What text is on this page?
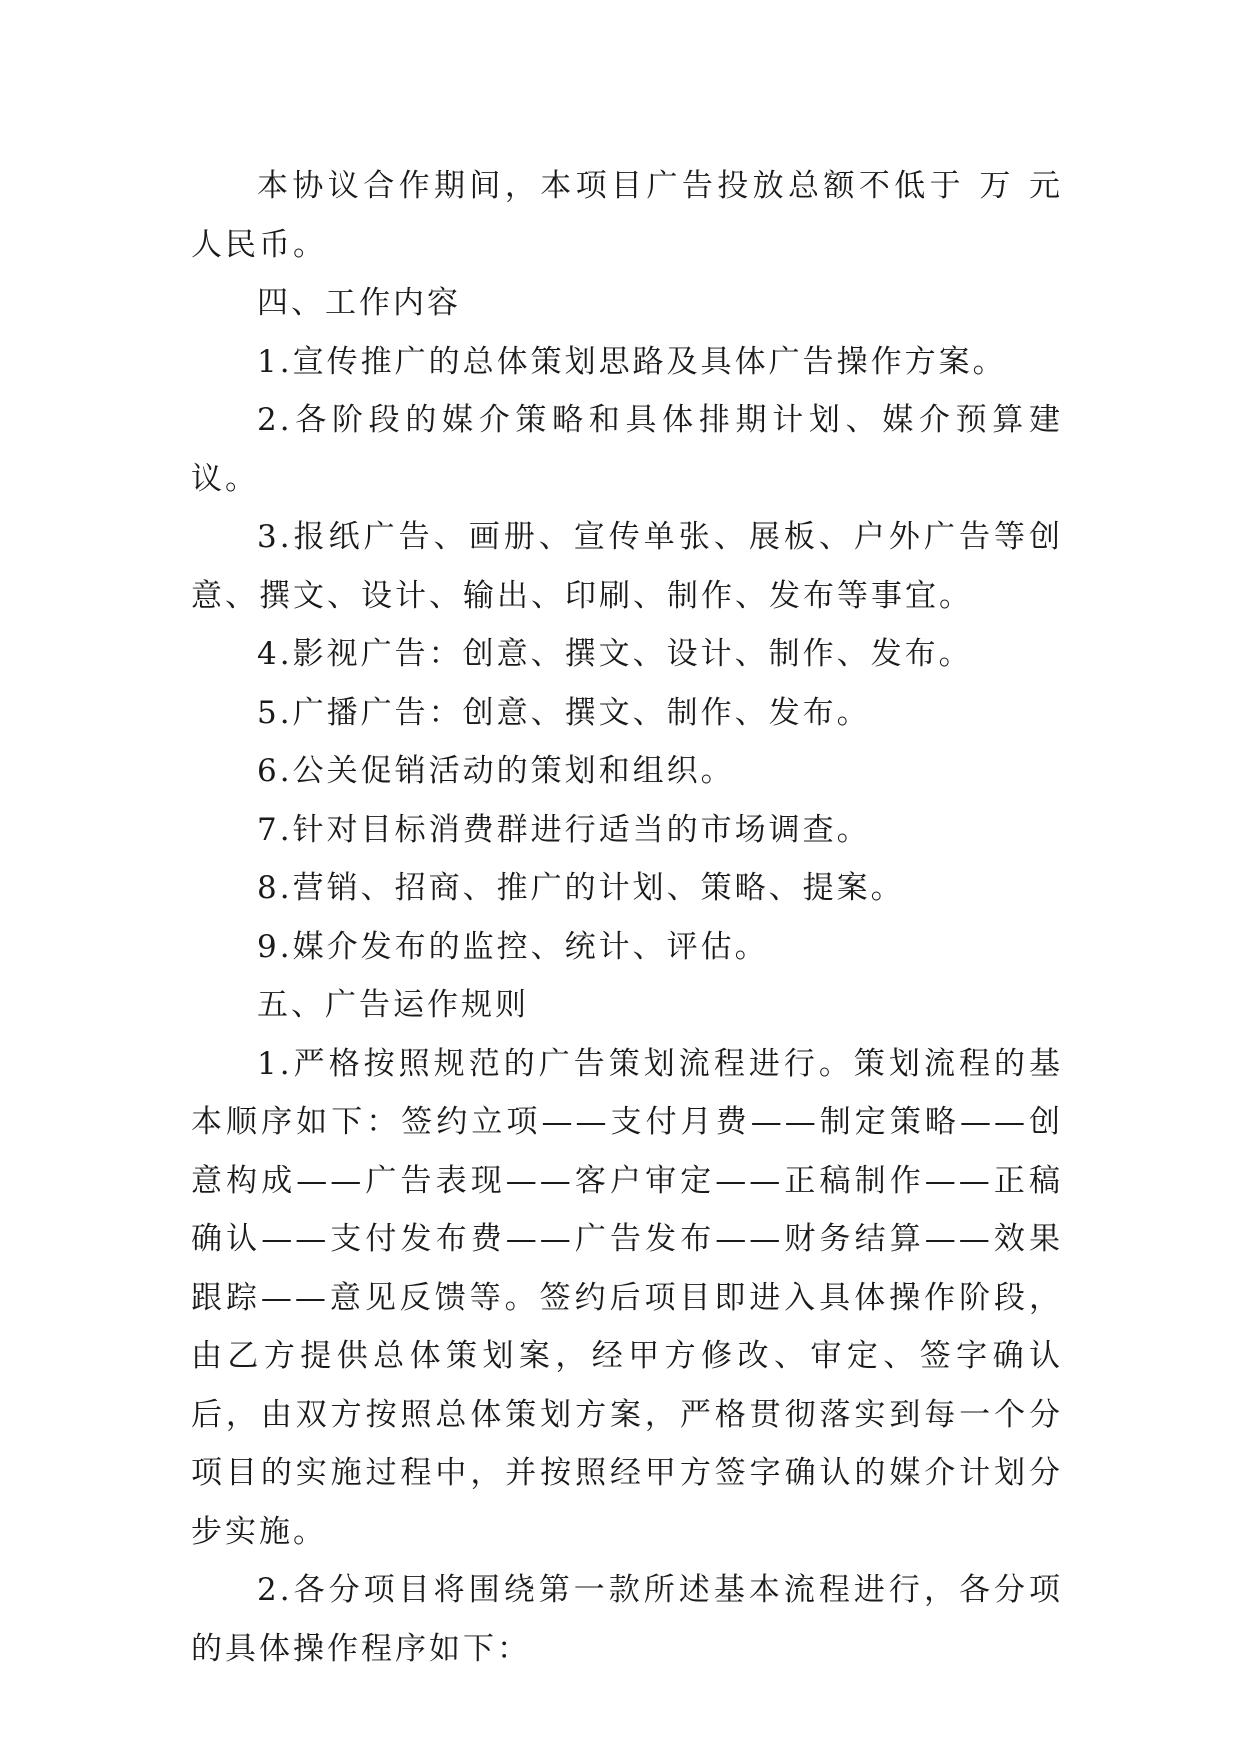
本协议合作期间，本项目广告投放总额不低于 万 元人民币。

四、工作内容

1.宣传推广的总体策划思路及具体广告操作方案。

2.各阶段的媒介策略和具体排期计划、媒介预算建议。

3.报纸广告、画册、宣传单张、展板、户外广告等创意、撰文、设计、输出、印刷、制作、发布等事宜。

4.影视广告：创意、撰文、设计、制作、发布。

5.广播广告：创意、撰文、制作、发布。

6.公关促销活动的策划和组织。

7.针对目标消费群进行适当的市场调查。

8.营销、招商、推广的计划、策略、提案。

9.媒介发布的监控、统计、评估。

五、广告运作规则

1.严格按照规范的广告策划流程进行。策划流程的基本顺序如下：签约立项——支付月费——制定策略——创意构成——广告表现——客户审定——正稿制作——正稿确认——支付发布费——广告发布——财务结算——效果跟踪——意见反馈等。签约后项目即进入具体操作阶段，由乙方提供总体策划案，经甲方修改、审定、签字确认后，由双方按照总体策划方案，严格贯彻落实到每一个分项目的实施过程中，并按照经甲方签字确认的媒介计划分步实施。

2.各分项目将围绕第一款所述基本流程进行，各分项的具体操作程序如下：
